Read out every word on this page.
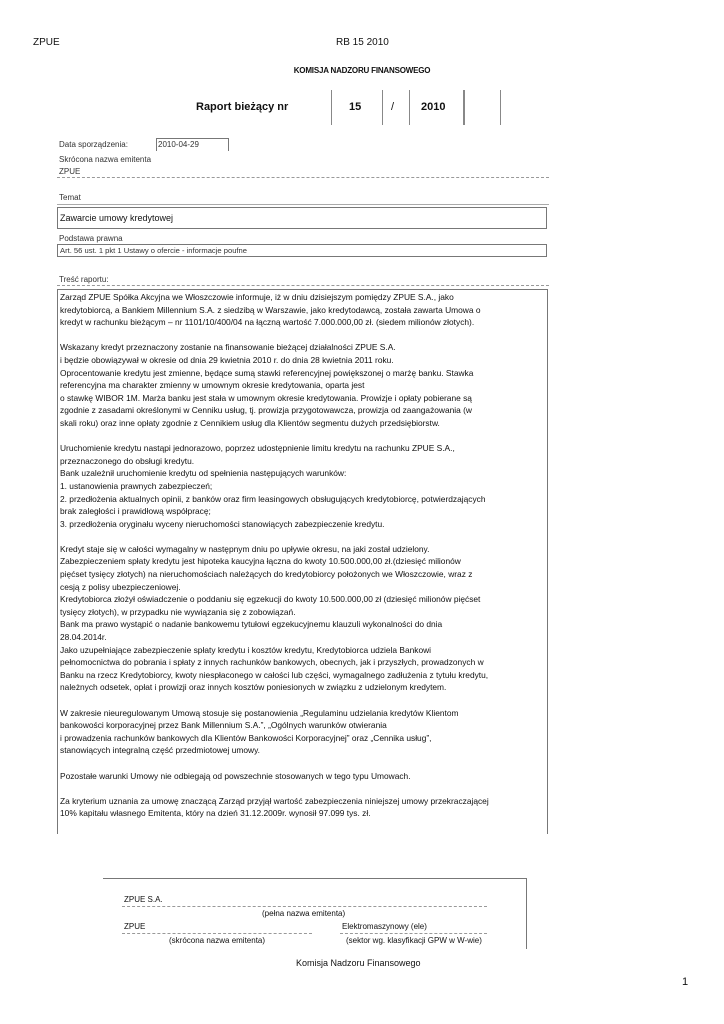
ZPUE	RB 15 2010
KOMISJA NADZORU FINANSOWEGO
Raport bieżący nr	15	/ 2010
Data sporządzenia:	2010-04-29
Skrócona nazwa emitenta
ZPUE
Temat
Zawarcie umowy kredytowej
Podstawa prawna
Art. 56 ust. 1 pkt 1 Ustawy o ofercie - informacje poufne
Treść raportu:

Zarząd ZPUE Spółka Akcyjna we Włoszczowie informuje, iż w dniu dzisiejszym pomiędzy ZPUE S.A., jako
kredytobiorcą, a Bankiem Millennium S.A. z siedzibą w Warszawie, jako kredytodawcą, została zawarta Umowa o
kredyt w rachunku bieżącym – nr 1101/10/400/04 na łączną wartość 7.000.000,00 zł. (siedem milionów złotych).

Wskazany kredyt przeznaczony zostanie na finansowanie bieżącej działalności ZPUE S.A.
i będzie obowiązywał w okresie od dnia 29 kwietnia 2010 r. do dnia 28 kwietnia 2011 roku.
Oprocentowanie kredytu jest zmienne, będące sumą stawki referencyjnej powiększonej o marżę banku. Stawka
referencyjna ma charakter zmienny w umownym okresie kredytowania, oparta jest
o stawkę WIBOR 1M. Marża banku jest stała w umownym okresie kredytowania. Prowizje i opłaty pobierane są
zgodnie z zasadami określonymi w Cenniku usług, tj. prowizja przygotowawcza, prowizja od zaangażowania (w
skali roku) oraz inne opłaty zgodnie z Cennikiem usług dla Klientów segmentu dużych przedsiębiorstw.

Uruchomienie kredytu nastąpi jednorazowo, poprzez udostępnienie limitu kredytu na rachunku ZPUE S.A.,
przeznaczonego do obsługi kredytu.
Bank uzależnił uruchomienie kredytu od spełnienia następujących warunków:
1. ustanowienia prawnych zabezpieczeń;
2. przedłożenia aktualnych opinii, z banków oraz firm leasingowych obsługujących kredytobiorcę, potwierdzających
brak zaległości i prawidłową współpracę;
3. przedłożenia oryginału wyceny nieruchomości stanowiących zabezpieczenie kredytu.

Kredyt staje się w całości wymagalny w następnym dniu po upływie okresu, na jaki został udzielony.
Zabezpieczeniem spłaty kredytu jest hipoteka kaucyjna łączna do kwoty 10.500.000,00 zł.(dziesięć milionów
pięćset tysięcy złotych) na nieruchomościach należących do kredytobiorcy położonych we Włoszczowie, wraz z
cesją z polisy ubezpieczeniowej.
Kredytobiorca złożył oświadczenie o poddaniu się egzekucji do kwoty 10.500.000,00 zł (dziesięć milionów pięćset
tysięcy złotych), w przypadku nie wywiązania się z zobowiązań.
Bank ma prawo wystąpić o nadanie bankowemu tytułowi egzekucyjnemu klauzuli wykonalności do dnia
28.04.2014r.
Jako uzupełniające zabezpieczenie spłaty kredytu i kosztów kredytu, Kredytobiorca udziela Bankowi
pełnomocnictwa do pobrania i spłaty z innych rachunków bankowych, obecnych, jak i przyszłych, prowadzonych w
Banku na rzecz Kredytobiorcy, kwoty niespłaconego w całości lub części, wymagalnego zadłużenia z tytułu kredytu,
należnych odsetek, opłat i prowizji oraz innych kosztów poniesionych w związku z udzielonym kredytem.

W zakresie nieuregulowanym Umową stosuje się postanowienia „Regulaminu udzielania kredytów Klientom
bankowości korporacyjnej przez Bank Millennium S.A.”, „Ogólnych warunków otwierania
i prowadzenia rachunków bankowych dla Klientów Bankowości Korporacyjnej” oraz „Cennika usług”,
stanowiących integralną część przedmiotowej umowy.

Pozostałe warunki Umowy nie odbiegają od powszechnie stosowanych w tego typu Umowach.

Za kryterium uznania za umowę znaczącą Zarząd przyjął wartość zabezpieczenia niniejszej umowy przekraczającej
10% kapitału własnego Emitenta, który na dzień 31.12.2009r. wynosił 97.099 tys. zł.

ZPUE S.A.
(pełna nazwa emitenta)
ZPUE
(skrócona nazwa emitenta)
Elektromaszynowy (ele)
(sektor wg. klasyfikacji GPW w W-wie)
Komisja Nadzoru Finansowego
1
